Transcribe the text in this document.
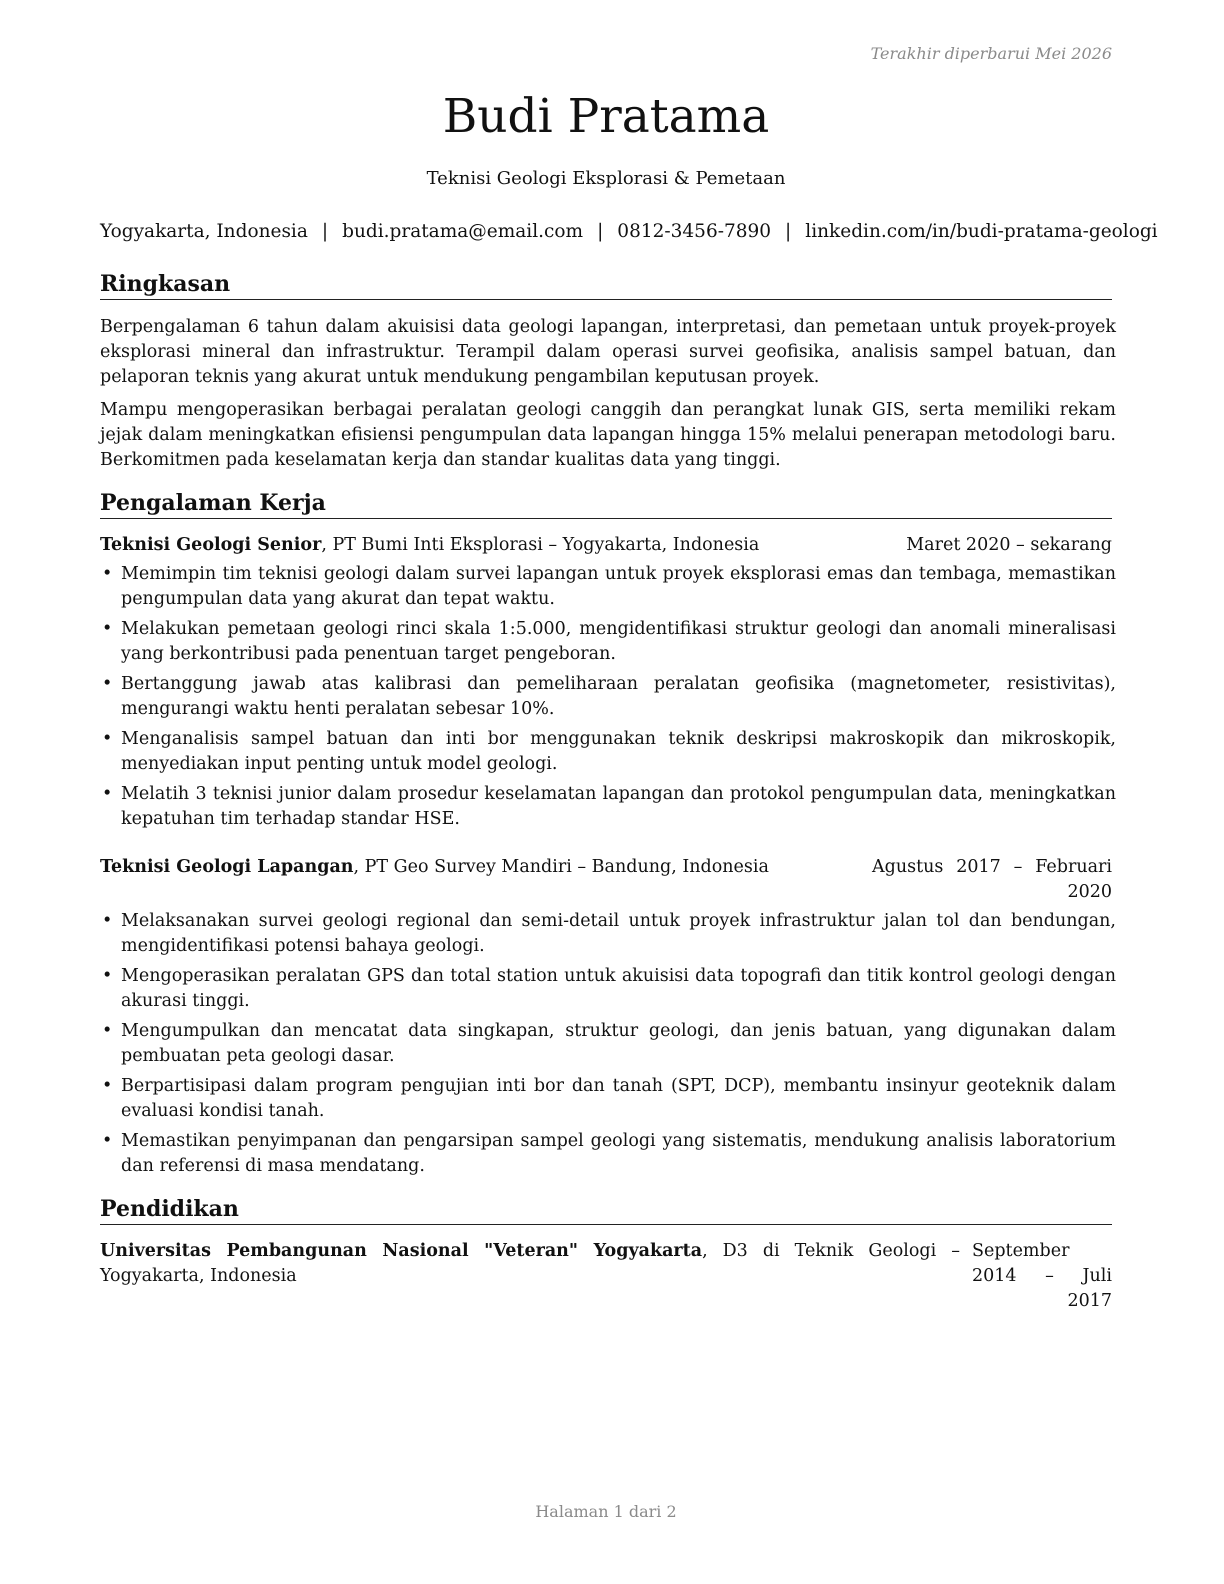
Terakhir diperbarui Mei 2026
Budi Pratama
Teknisi Geologi Eksplorasi & Pemetaan
Yogyakarta, Indonesia | budi.pratama@email.com | 0812-3456-7890 | linkedin.com/in/budi-pratama-geologi
Ringkasan

Berpengalaman 6 tahun dalam akuisisi data geologi lapangan, interpretasi, dan pemetaan untuk proyek-proyek eksplorasi mineral dan infrastruktur. Terampil dalam operasi survei geofisika, analisis sampel batuan, dan pelaporan teknis yang akurat untuk mendukung pengambilan keputusan proyek.

Mampu mengoperasikan berbagai peralatan geologi canggih dan perangkat lunak GIS, serta memiliki rekam jejak dalam meningkatkan efisiensi pengumpulan data lapangan hingga 15% melalui penerapan metodologi baru. Berkomitmen pada keselamatan kerja dan standar kualitas data yang tinggi.

Pengalaman Kerja
Teknisi Geologi Senior, PT Bumi Inti Eksplorasi – Yogyakarta, Indonesia	Maret 2020 – sekarang
• Memimpin tim teknisi geologi dalam survei lapangan untuk proyek eksplorasi emas dan tembaga, memastikan pengumpulan data yang akurat dan tepat waktu.
• Melakukan pemetaan geologi rinci skala 1:5.000, mengidentifikasi struktur geologi dan anomali mineralisasi yang berkontribusi pada penentuan target pengeboran.
• Bertanggung jawab atas kalibrasi dan pemeliharaan peralatan geofisika (magnetometer, resistivitas), mengurangi waktu henti peralatan sebesar 10%.
• Menganalisis sampel batuan dan inti bor menggunakan teknik deskripsi makroskopik dan mikroskopik, menyediakan input penting untuk model geologi.
• Melatih 3 teknisi junior dalam prosedur keselamatan lapangan dan protokol pengumpulan data, meningkatkan kepatuhan tim terhadap standar HSE.
Teknisi Geologi Lapangan, PT Geo Survey Mandiri – Bandung, Indonesia	Agustus 2017 – Februari 2020
• Melaksanakan survei geologi regional dan semi-detail untuk proyek infrastruktur jalan tol dan bendungan, mengidentifikasi potensi bahaya geologi.
• Mengoperasikan peralatan GPS dan total station untuk akuisisi data topografi dan titik kontrol geologi dengan akurasi tinggi.
• Mengumpulkan dan mencatat data singkapan, struktur geologi, dan jenis batuan, yang digunakan dalam pembuatan peta geologi dasar.
• Berpartisipasi dalam program pengujian inti bor dan tanah (SPT, DCP), membantu insinyur geoteknik dalam evaluasi kondisi tanah.
• Memastikan penyimpanan dan pengarsipan sampel geologi yang sistematis, mendukung analisis laboratorium dan referensi di masa mendatang.
Pendidikan
Universitas Pembangunan Nasional "Veteran" Yogyakarta, D3 di Teknik Geologi – Yogyakarta, Indonesia
September 2014 – Juli 2017
Halaman 1 dari 2
